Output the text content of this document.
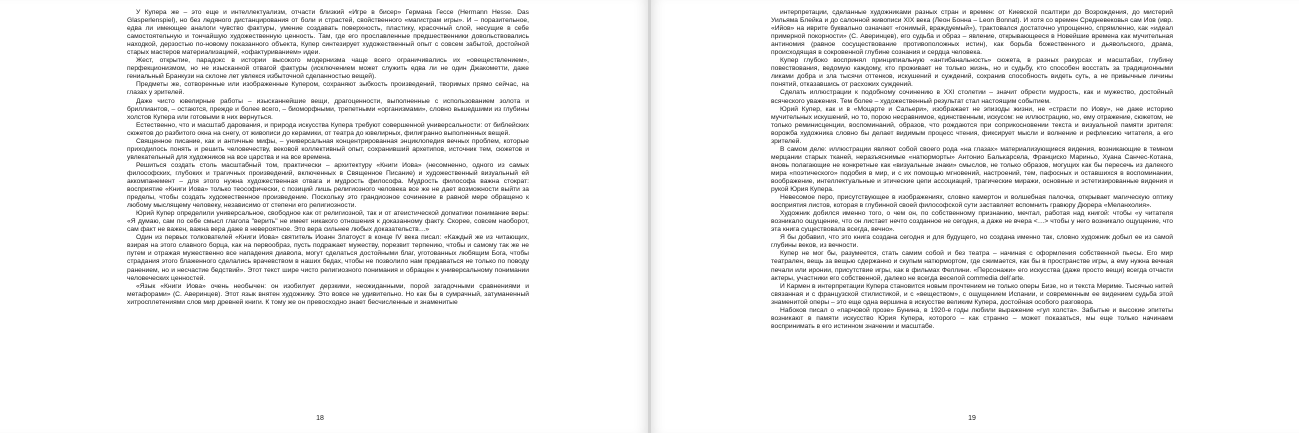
У Купера же – это еще и интеллектуализм, отчасти близкий «Игре в бисер» Германа Гессе (Hermann Hesse. Das Glasperlenspiel), но без ледяного дистанцирования от боли и страстей, свойственного «магистрам игры». И – поразительное, едва ли имеющее аналоги чувство фактуры, умение создавать поверхность, пластику, красочный слой, несущие в себе самостоятельную и тончайшую художественную ценность. Там, где его прославленные предшественники довольствовались находкой, дерзостью по-новому показанного объекта, Купер синтезирует художественный опыт с совсем забытой, достойной старых мастеров материализацией, «офактуриванием» идеи.

Жест, открытие, парадокс в истории высокого модернизма чаще всего ограничивались их «овеществлением», перфекционизмом, но не изысканной отвагой фактуры (исключением может служить едва ли не один Джакометти, даже гениальный Бранкузи на склоне лет увлекся избыточной сделанностью вещей).

Предметы же, сотворенные или изображенные Купером, сохраняют зыбкость произведений, творимых прямо сейчас, на глазах у зрителей.

Даже чисто ювелирные работы – изысканнейшие вещи, драгоценности, выполненные с использованием золота и бриллиантов, – остаются, прежде и более всего, – биоморфными, трепетными «организмами», словно вышедшими из глубины холстов Купера или готовыми в них вернуться.

Естественно, что и масштаб дарования, и природа искусства Купера требуют совершенной универсальности: от библейских сюжетов до разбитого окна на снегу, от живописи до керамики, от театра до ювелирных, филигранно выполненных вещей.

Священное писание, как и античные мифы, – универсальная концентрированная энциклопедия вечных проблем, которые приходилось понять и решить человечеству, вековой коллективный опыт, сохранивший архетипов, источник тем, сюжетов и увлекательный для художников на все царства и на все времена.

Решиться создать столь масштабный том, практически – архитектуру «Книги Иова» (несомненно, одного из самых философских, глубоких и трагичных произведений, включенных в Священное Писание) и художественный визуальный ей аккомпанемент – для этого нужна художественная отвага и мудрость философа. Мудрость философа важна стократ: восприятие «Книги Иова» только теософически, с позиций лишь религиозного человека все же не дает возможности выйти за пределы, чтобы создать художественное произведение. Поскольку это грандиозное сочинение в равной мере обращено к любому мыслящему человеку, независимо от степени его религиозности.

Юрий Купер определили универсальное, свободное как от религиозной, так и от атеистической догматики понимание веры: «Я думаю, сам по себе смысл глагола "верить" не имеет никакого отношения к доказанному факту. Скорее, совсем наоборот, сам факт не важен, важна вера даже в невероятное. Это вера сильнее любых доказательств…»

Один из первых толкователей «Книги Иова» святитель Иоанн Златоуст в конце IV века писал: «Каждый же из читающих, взирая на этого славного борца, как на первообраз, пусть подражает мужеству, порезвит терпению, чтобы и самому так же не путем и отражая мужественно все нападения диавола, могут сделаться достойными благ, уготованных любящим Бога, чтобы страдания этого блаженного сделались врачевством в наших бедах, чтобы не позволило нам предаваться не только по поводу ранением, но и несчастие бедствий». Этот текст шире чисто религиозного понимания и обращен к универсальному понимании человеческих ценностей.

«Язык «Книги Иова» очень необычен: он изобилует дерзкими, неожиданными, порой загадочными сравнениями и метафорами» (С. Аверинцев). Этот язык внятен художнику. Это вовсе не удивительно. Но как бы в сумрачный, затуманенный хитросплетениями слов мир древней книги. К тому же он превосходно знает бесчисленные и знаменитые

18

интерпретации, сделанные художниками разных стран и времен: от Киевской псалтири до Возрождения, до мистерий Уильяма Блейка и до салонной живописи XIX века (Леон Бонна – Leon Bonnat). И хотя со времен Средневековья сам Иов (ивр. «Ийов» на иврите буквально означает «гонимый, враждуемый»), трактовался достаточно упрощенно, спрямленно, как «идеал примерной покорности» (С. Аверинцев), его судьба и образ – явление, открывающееся в Новейшие времена как мучительная антиномия (равное сосуществование противоположных истин), как борьба божественного и дьявольского, драма, происходящая в сокровенной глубине сознания и сердца человека.

Купер глубоко воспринял принципиальную «антибанальность» сюжета, в разных ракурсах и масштабах, глубину повествования, ведомую каждому, кто проживает не только жизнь, но и судьбу, кто способен восстать за традиционными ликами добра и зла тысячи оттенков, искушений и суждений, сохранив способность видеть суть, а не привычные личины понятий, отказавшись от расхожих суждений.

Сделать иллюстрации к подобному сочинению в XXI столетии – значит обрести мудрость, как и мужество, достойный всяческого уважения. Тем более – художественный результат стал настоящим событием.

Юрий Купер, как и в «Моцарте и Сальери», изображает не эпизоды жизни, не «страсти по Иову», не даже историю мучительных искушений, но то, порою несравнимое, единственным, искусом: не иллюстрацию, но, ему отражение, сюжетом, не только реминисценции, воспоминаний, образов, что рождаются при соприкосновении текста и визуальной памяти зрителя: ворожба художника словно бы делает видимым процесс чтения, фиксирует мысли и волнение и рефлексию читателя, а его зрителей.

В самом деле: иллюстрации являют собой своего рода «на глазах» материализующиеся видения, возникающие в темном мерцании старых тканей, неразъяснимые «натюрморты» Антонио Балькарсела, Франциско Мариньо, Хуана Санчес-Котана, вновь полагающие не конкретные как «визуальные знаки» смыслов, не только образов, могущих как бы пересечь из далекого мира «поэтического» подобия в мир, и с их помощью мгновений, настроений, тем, пафосных и оставшихся в воспоминании, воображение, интеллектуальные и этические цепи ассоциаций, трагические миражи, основные и эстетизированные видения и рукой Юрия Купера.

Невесомое перо, присутствующее в изображениях, словно камертон и волшебная палочка, открывает магическую оптику восприятия листов, которая в глубинной своей философской сути заставляет вспомнить гравюру Дюрера «Меланхолия».

Художник добился именно того, о чем он, по собственному признанию, мечтал, работая над книгой: чтобы «у читателя возникало ощущение, что он листает нечто созданное не сегодня, а даже не вчера <…> чтобы у него возникало ощущение, что эта книга существовала всегда, вечно».

Я бы добавил, что это книга создана сегодня и для будущего, но создана именно так, словно художник добыл ее из самой глубины веков, из вечности.

Купер не мог бы, разумеется, стать самим собой и без театра – начиная с оформления собственной пьесы. Его мир театрален, вещь за вещью сдержанно и скупым натюрмортом, где сжимается, как бы в пространстве игры, а ему нужна вечная печали или иронии, присутствие игры, как в фильмах Феллини. «Персонажи» его искусства (даже просто вещи) всегда отчасти актеры, участники его собственной, далеко не всегда веселой commedia dell’arte.

И Кармен в интерпретации Купера становится новым прочтением не только оперы Бизе, но и текста Мериме. Тысячью нитей связанная и с французской стилистикой, и с «веществом», с ощущением Испании, и современным ее видением судьба этой знаменитой оперы – это еще одна вершина в искусстве великим Купера, достойная особого разговора.

Набоков писал о «парчовой прозе» Бунина, в 1920-е годы любили выражение «гул холста». Забытые и высокие эпитеты возникают в памяти искусство Юрия Купера, которого – как странно – может показаться, мы еще только начинаем воспринимать в его истинном значении и масштабе.

19
